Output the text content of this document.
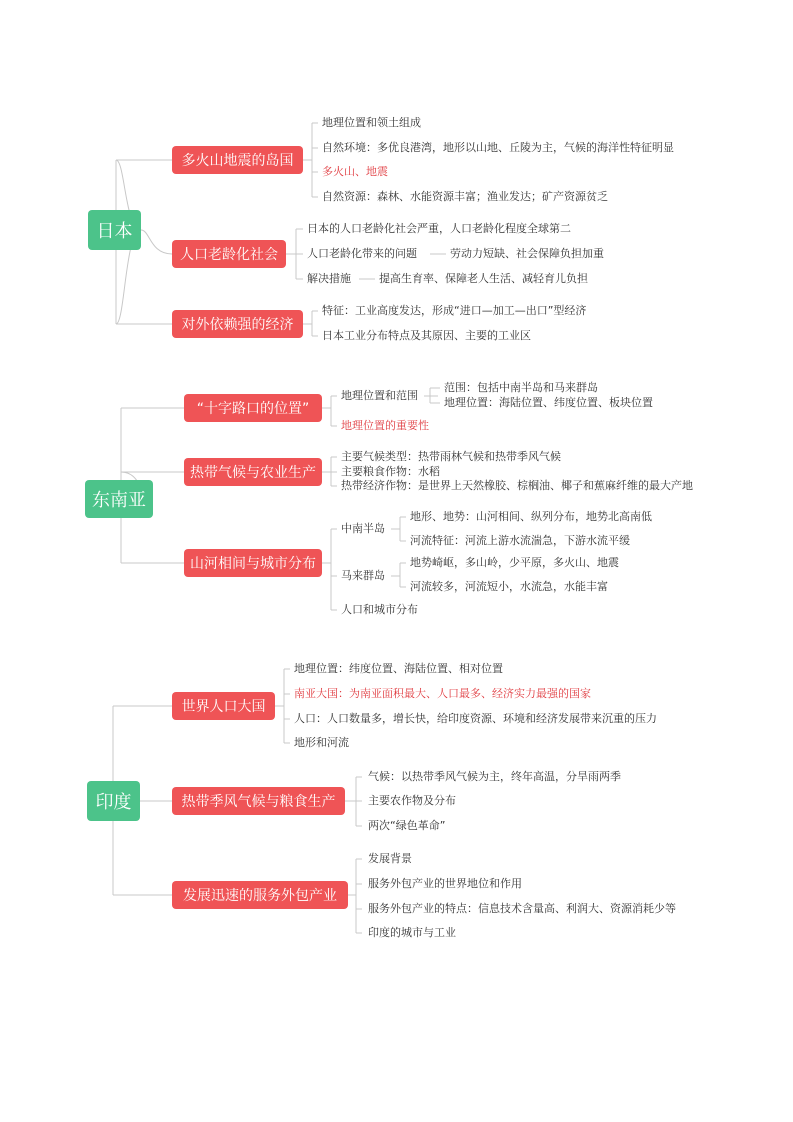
日本
多火山地震的岛国
地理位置和领土组成
自然环境：多优良港湾，地形以山地、丘陵为主，气候的海洋性特征明显
多火山、地震
自然资源：森林、水能资源丰富；渔业发达；矿产资源贫乏
人口老龄化社会
日本的人口老龄化社会严重，人口老龄化程度全球第二
人口老龄化带来的问题	劳动力短缺、社会保障负担加重
解决措施	提高生育率、保障老人生活、减轻育儿负担
对外依赖强的经济
特征：工业高度发达，形成“进口—加工—出口”型经济
日本工业分布特点及其原因、主要的工业区
东南亚
“十字路口的位置”
地理位置和范围
范围：包括中南半岛和马来群岛
地理位置：海陆位置、纬度位置、板块位置
地理位置的重要性
热带气候与农业生产
主要气候类型：热带雨林气候和热带季风气候
主要粮食作物：水稻
热带经济作物：是世界上天然橡胶、棕榈油、椰子和蕉麻纤维的最大产地
山河相间与城市分布
中南半岛
地形、地势：山河相间、纵列分布，地势北高南低
河流特征：河流上游水流湍急，下游水流平缓
马来群岛
地势崎岖，多山岭，少平原，多火山、地震
河流较多，河流短小，水流急，水能丰富
人口和城市分布
印度
世界人口大国
地理位置：纬度位置、海陆位置、相对位置
南亚大国：为南亚面积最大、人口最多、经济实力最强的国家
人口：人口数量多，增长快，给印度资源、环境和经济发展带来沉重的压力
地形和河流
热带季风气候与粮食生产
气候：以热带季风气候为主，终年高温，分旱雨两季
主要农作物及分布
两次“绿色革命”
发展迅速的服务外包产业
发展背景
服务外包产业的世界地位和作用
服务外包产业的特点：信息技术含量高、利润大、资源消耗少等
印度的城市与工业
